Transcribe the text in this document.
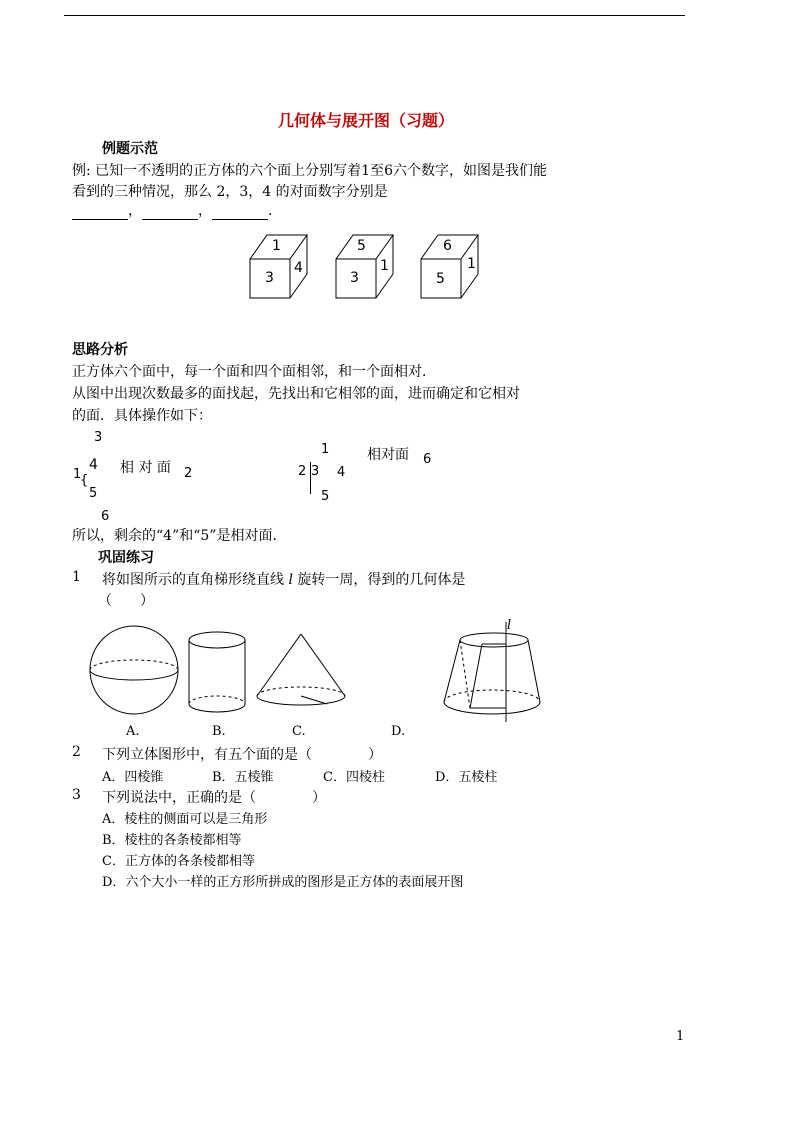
几何体与展开图（习题）
例题示范
例: 已知一不透明的正方体的六个面上分别写着1至6六个数字，如图是我们能
看到的三种情况，那么 2，3，4 的对面数字分别是
，	，	.
1
3
4
5
3
1
6
5
1
思路分析
正方体六个面中，每一个面和四个面相邻，和一个面相对．
从图中出现次数最多的面找起，先找出和它相邻的面，进而确定和它相对
的面．具体操作如下：
3
4 相 对 面 2
1
{
5
6
1	相对面 6
2 3 4
5
所以，剩余的“4”和“5”是相对面．
巩固练习
1 将如图所示的直角梯形绕直线 l 旋转一周，得到的几何体是
（　　）
l
A.	B.	C.	D.
2 下列立体图形中，有五个面的是（　　　　）
A．四棱锥	B．五棱锥	C．四棱柱	D．五棱柱
3 下列说法中，正确的是（　　　　）
A．棱柱的侧面可以是三角形
B．棱柱的各条棱都相等
C．正方体的各条棱都相等
D．六个大小一样的正方形所拼成的图形是正方体的表面展开图
1
